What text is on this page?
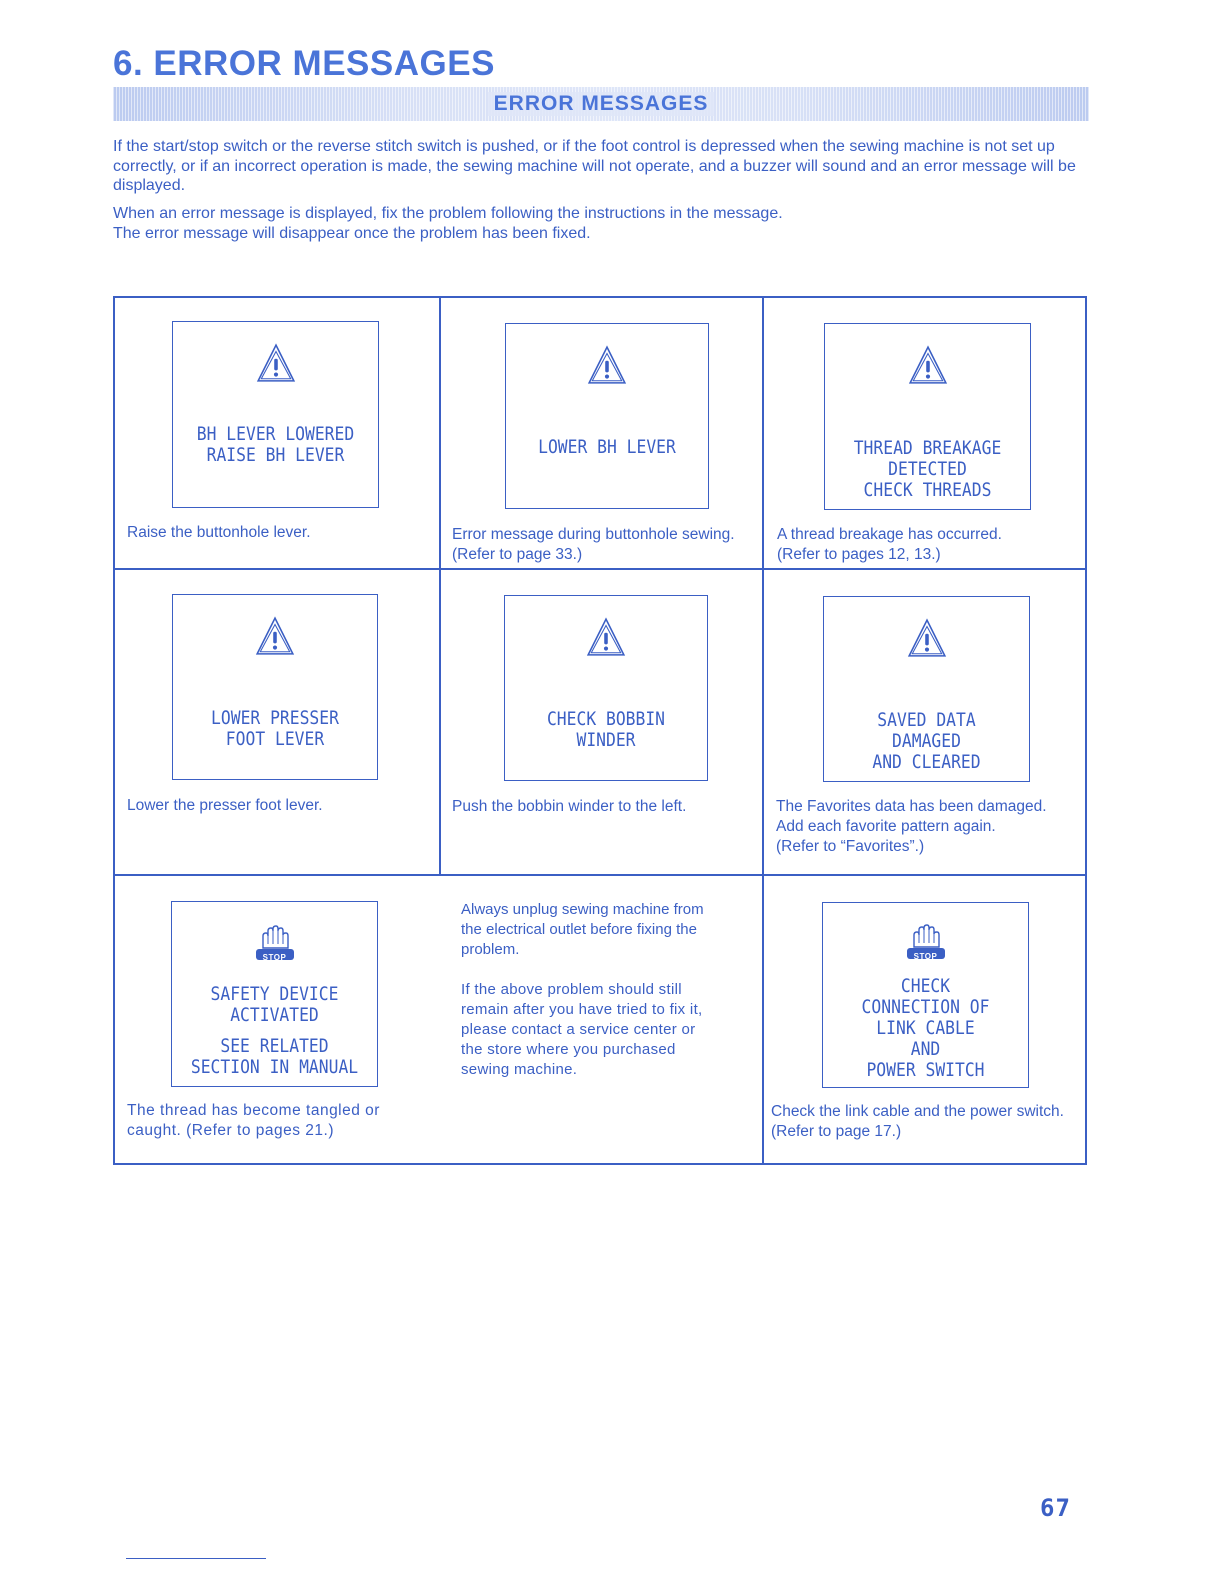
6. ERROR MESSAGES
ERROR MESSAGES

If the start/stop switch or the reverse stitch switch is pushed, or if the foot control is depressed when the sewing machine is not set up correctly, or if an incorrect operation is made, the sewing machine will not operate, and a buzzer will sound and an error message will be displayed.

When an error message is displayed, fix the problem following the instructions in the message.
The error message will disappear once the problem has been fixed.

BH LEVER LOWERED
RAISE BH LEVER
Raise the buttonhole lever.
LOWER BH LEVER
Error message during buttonhole sewing.
(Refer to page 33.)
THREAD BREAKAGE
DETECTED
CHECK THREADS
A thread breakage has occurred.
(Refer to pages 12, 13.)
LOWER PRESSER
FOOT LEVER
Lower the presser foot lever.
CHECK BOBBIN
WINDER
Push the bobbin winder to the left.
SAVED DATA DAMAGED
AND CLEARED
The Favorites data has been damaged.
Add each favorite pattern again.
(Refer to “Favorites”.)
STOP
SAFETY DEVICE
ACTIVATED
SEE RELATED
SECTION IN MANUAL
The thread has become tangled or
caught. (Refer to pages 21.)
Always unplug sewing machine from
the electrical outlet before fixing the
problem.
If the above problem should still
remain after you have tried to fix it,
please contact a service center or
the store where you purchased
sewing machine.
STOP
CHECK
CONNECTION OF
LINK CABLE
AND
POWER SWITCH
Check the link cable and the power switch.
(Refer to page 17.)

67
